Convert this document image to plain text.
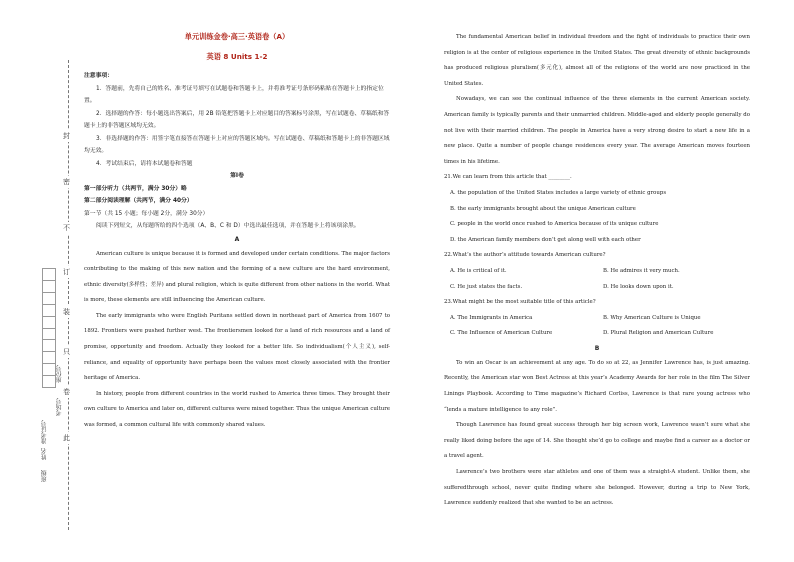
封
密
不
订
装
只
卷
此
班级
姓名
准考证号
考场号
座位号
单元训练金卷·高三·英语卷（A）
英语 8 Units 1-2
注意事项：
1．答题前，先将自己的姓名、准考证号填写在试题卷和答题卡上，并将准考证号条形码粘贴在答题卡上的指定位置。
2．选择题的作答：每小题选出答案后，用 2B 铅笔把答题卡上对应题目的答案标号涂黑，写在试题卷、草稿纸和答题卡上的非答题区域均无效。
3．非选择题的作答：用签字笔直接答在答题卡上对应的答题区域内。写在试题卷、草稿纸和答题卡上的非答题区域均无效。
4．考试结束后，请将本试题卷和答题
第Ⅰ卷
第一部分听力（共两节，满分 30分）略
第二部分阅读理解（共两节，满分 40分）
第一节（共 15 小题；每小题 2分，满分 30分）
阅读下列短文，从每题所给的四个选项（A、B、C 和 D）中选出最佳选项，并在答题卡上将该项涂黑。
A

American culture is unique because it is formed and developed under certain conditions. The major factors contributing to the making of this new nation and the forming of a new culture are the hard environment, ethnic diversity(多样性；差异) and plural religion, which is quite different from other nations in the world. What is more, these elements are still influencing the American culture.

The early immigrants who were English Puritans settled down in northeast part of America from 1607 to 1892. Frontiers were pushed further west. The frontiersmen looked for a land of rich resources and a land of promise, opportunity and freedom. Actually they looked for a better life. So individualism(个人主义), self-reliance, and equality of opportunity have perhaps been the values most closely associated with the frontier heritage of America.

In history, people from different countries in the world rushed to America three times. They brought their own culture to America and later on, different cultures were mixed together. Thus the unique American culture was formed, a common cultural life with commonly shared values.

The fundamental American belief in individual freedom and the fight of individuals to practice their own religion is at the center of religious experience in the United States. The great diversity of ethnic backgrounds has produced religious pluralism(多元化), almost all of the religions of the world are now practiced in the United States.

Nowadays, we can see the continual influence of the three elements in the current American society. American family is typically parents and their unmarried children. Middle-aged and elderly people generally do not live with their married children. The people in America have a very strong desire to start a new life in a new place. Quite a number of people change residences every year. The average American moves fourteen times in his lifetime.

21.We can learn from this article that ________.
A. the population of the United States includes a large variety of ethnic groups
B. the early immigrants brought about the unique American culture
C. people in the world once rushed to America because of its unique culture
D. the American family members don’t get along well with each other
22.What’s the author’s attitude towards American culture?
A. He is critical of it.	B. He admires it very much.
C. He just states the facts.	D. He looks down upon it.
23.What might be the most suitable title of this article?
A. The Immigrants in America	B. Why American Culture is Unique
C. The Influence of American Culture	D. Plural Religion and American Culture
B

To win an Oscar is an achievement at any age. To do so at 22, as Jennifer Lawrence has, is just amazing. Recently, the American star won Best Actress at this year’s Academy Awards for her role in the film The Silver Linings Playbook. According to Time magazine’s Richard Corliss, Lawrence is that rare young actress who “lends a mature intelligence to any role”.

Though Lawrence has found great success through her big screen work, Lawrence wasn’t sure what she really liked doing before the age of 14. She thought she’d go to college and maybe find a career as a doctor or a travel agent.

Lawrence’s two brothers were star athletes and one of them was a straight-A student. Unlike them, she sufferedthrough school, never quite finding where she belonged. However, during a trip to New York, Lawrence suddenly realized that she wanted to be an actress.
